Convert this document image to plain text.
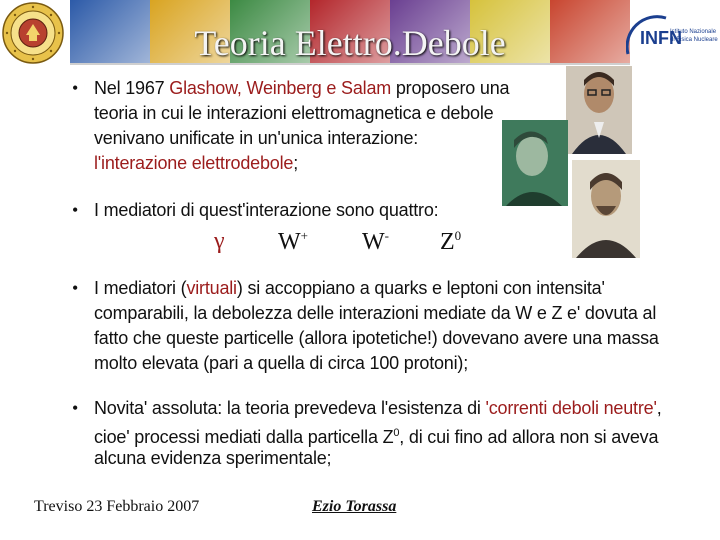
Teoria Elettro.Debole	INFN
Istituto Nazionale
di Fisica Nucleare
• Nel 1967 Glashow, Weinberg e Salam proposero una
teoria in cui le interazioni elettromagnetica e debole
venivano unificate in un'unica interazione:
l'interazione elettrodebole;
• I mediatori di quest'interazione sono quattro:
• I mediatori (virtuali) si accoppiano a quarks e leptoni con intensita'
comparabili, la debolezza delle interazioni mediate da W e Z e' dovuta al
fatto che queste particelle (allora ipotetiche!) dovevano avere una massa
molto elevata (pari a quella di circa 100 protoni);
• Novita' assoluta: la teoria prevedeva l'esistenza di 'correnti deboli neutre',
cioe' processi mediati dalla particella $Z^0$, di cui fino ad allora non si aveva
alcuna evidenza sperimentale;
γ W+ W- $Z^0$
Treviso 23 Febbraio 2007	Ezio Torassa
